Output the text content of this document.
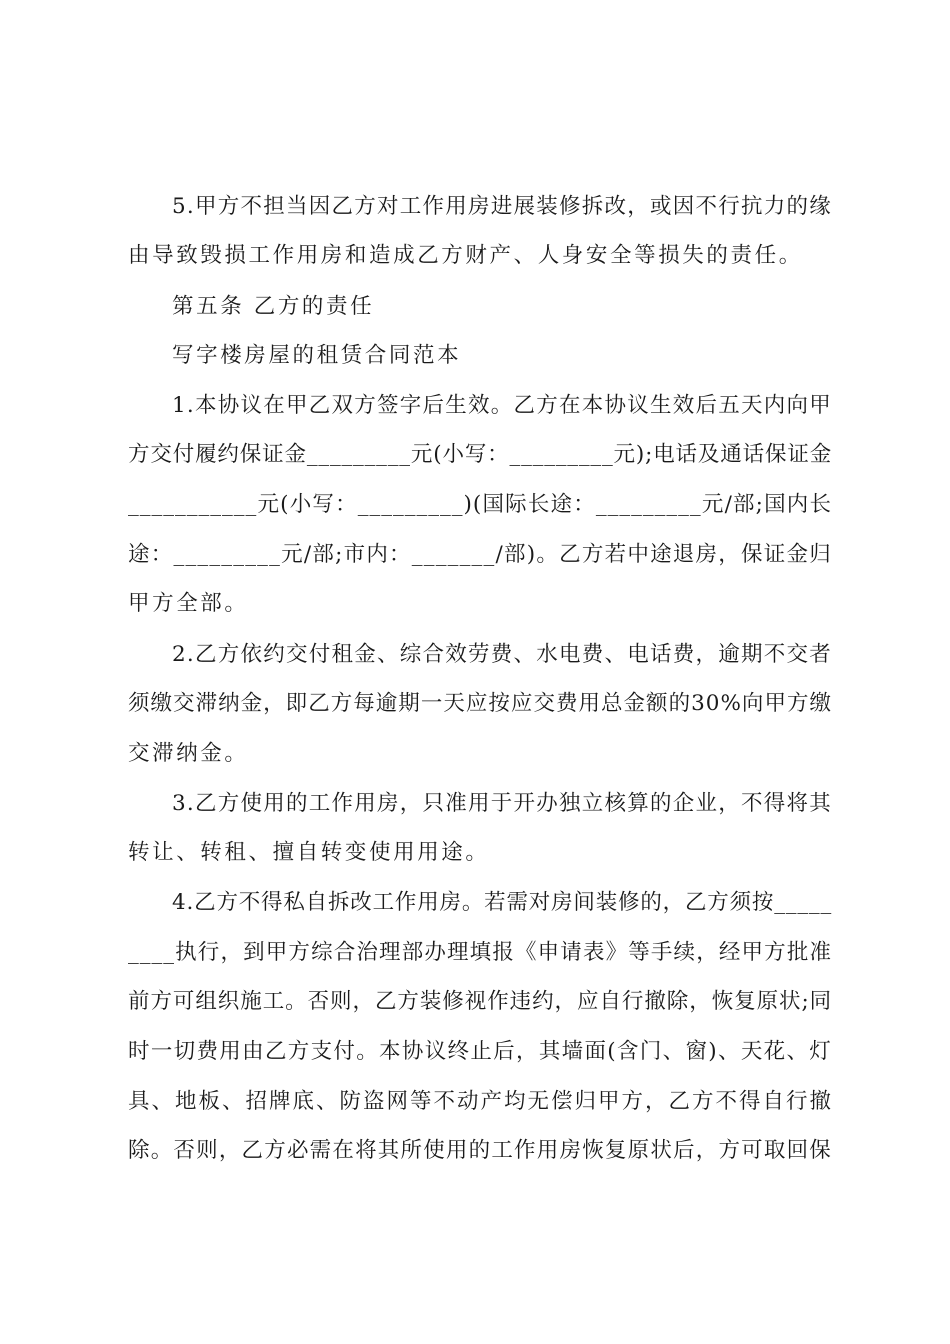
5.甲方不担当因乙方对工作用房进展装修拆改，或因不行抗力的缘
由导致毁损工作用房和造成乙方财产、人身安全等损失的责任。
第五条 乙方的责任
写字楼房屋的租赁合同范本
1.本协议在甲乙双方签字后生效。乙方在本协议生效后五天内向甲
方交付履约保证金_________元(小写：_________元);电话及通话保证金
___________元(小写：_________)(国际长途：_________元/部;国内长
途：_________元/部;市内：_______/部)。乙方若中途退房，保证金归
甲方全部。
2.乙方依约交付租金、综合效劳费、水电费、电话费，逾期不交者
须缴交滞纳金，即乙方每逾期一天应按应交费用总金额的30%向甲方缴
交滞纳金。
3.乙方使用的工作用房，只准用于开办独立核算的企业，不得将其
转让、转租、擅自转变使用用途。
4.乙方不得私自拆改工作用房。若需对房间装修的，乙方须按_____
____执行，到甲方综合治理部办理填报《申请表》等手续，经甲方批准
前方可组织施工。否则，乙方装修视作违约，应自行撤除，恢复原状;同
时一切费用由乙方支付。本协议终止后，其墙面(含门、窗)、天花、灯
具、地板、招牌底、防盗网等不动产均无偿归甲方，乙方不得自行撤
除。否则，乙方必需在将其所使用的工作用房恢复原状后，方可取回保
